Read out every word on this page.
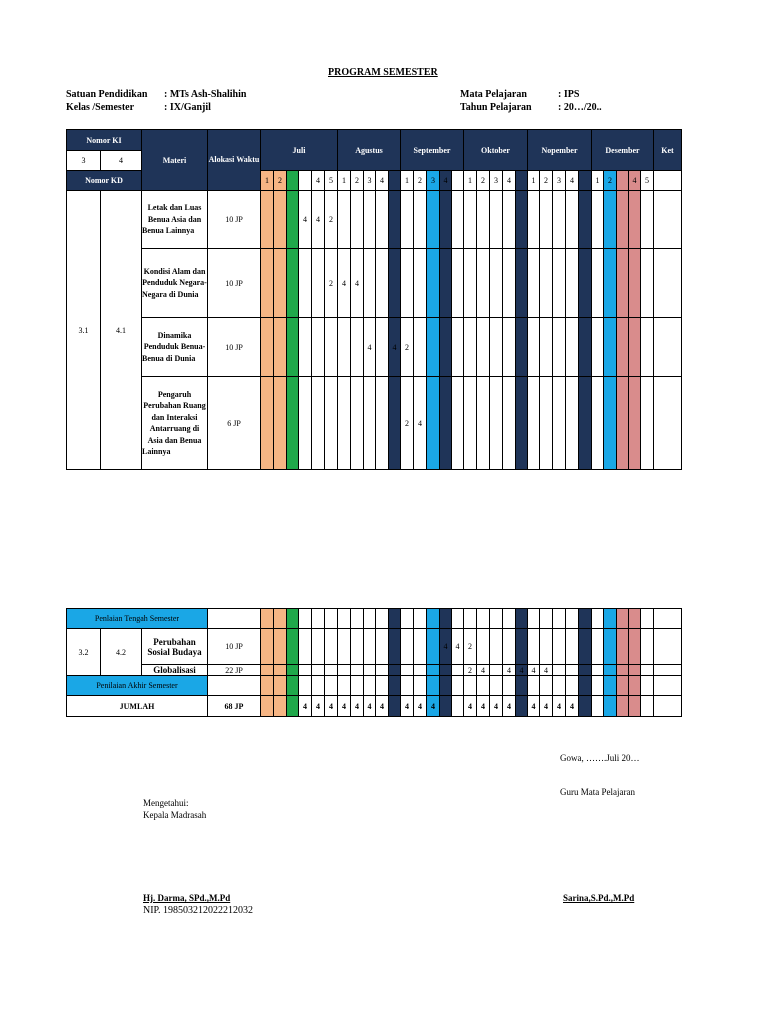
PROGRAM SEMESTER
Satuan Pendidikan : MTs Ash-Shalihin
Kelas /Semester	: IX/Ganjil
Mata Pelajaran	: IPS
Tahun Pelajaran	: 20…/20..
Nomor KI		Materi	Alokasi Waktu	Juli						Agustus					September					Oktober					Nopember					Desember					Ket
3	4																																		
Nomor KD				1	2			4	5	1	2	3	4		1	2	3	4		1	2	3	4		1	2	3	4		1	2		4	5	
3.1	4.1	Letak dan Luas Benua Asia dan Benua Lainnya	10 JP				4	4	2																										
		Kondisi Alam dan Penduduk Negara-Negara di Dunia	10 JP						2	4	4																								
		Dinamika Penduduk Benua-Benua di Dunia	10 JP									4		4	2																				
		Pengaruh Perubahan Ruang dan Interaksi Antarruang di Asia dan Benua Lainnya	6 JP												2	4																			
Penlaian Tengah Semester																																			
3.2	4.2	Perubahan Sosial Budaya	10 JP															4	4	2															
		Globalisasi	22 JP																	2	4		4	4	4	4									
Penilaian Akhir Semester																																			
JUMLAH			68 JP				4	4	4	4	4	4	4		4	4	4			4	4	4	4		4	4	4	4							
Gowa, …….Juli 20…
Guru Mata Pelajaran
Mengetahui:
Kepala Madrasah
Hj. Darma, SPd.,M.Pd
NIP. 198503212022212032
Sarina,S.Pd.,M.Pd
